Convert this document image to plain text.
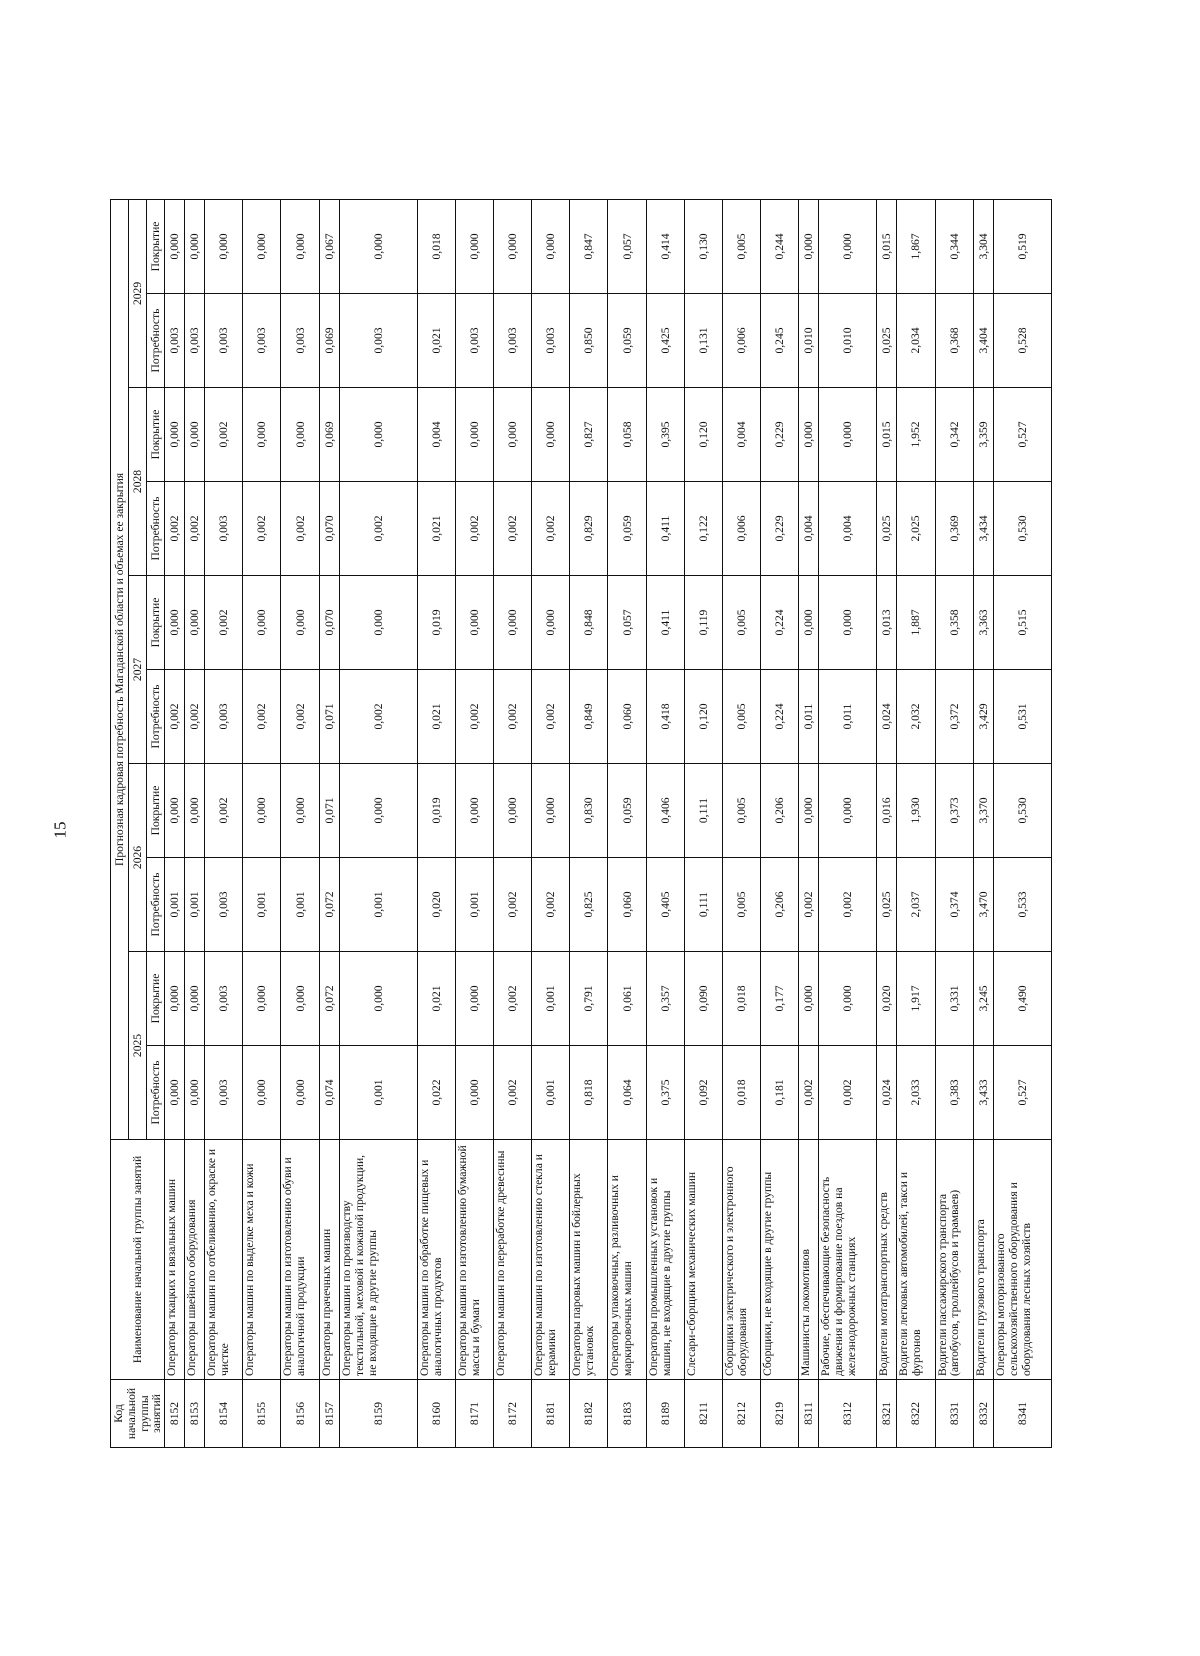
15
Код начальной группы занятий	Наименование начальной группы занятий	Прогнозная кадровая потребность Магаданской области и объемах ее закрытия									
		2025		2026		2027		2028		2029	
		Потребность	Покрытие	Потребность	Покрытие	Потребность	Покрытие	Потребность	Покрытие	Потребность	Покрытие
8152	Операторы ткацких и вязальных машин	0,000	0,000	0,001	0,000	0,002	0,000	0,002	0,000	0,003	0,000
8153	Операторы швейного оборудования	0,000	0,000	0,001	0,000	0,002	0,000	0,002	0,000	0,003	0,000
8154	Операторы машин по отбеливанию, окраске и чистке	0,003	0,003	0,003	0,002	0,003	0,002	0,003	0,002	0,003	0,000
8155	Операторы машин по выделке меха и кожи	0,000	0,000	0,001	0,000	0,002	0,000	0,002	0,000	0,003	0,000
8156	Операторы машин по изготовлению обуви и аналогичной продукции	0,000	0,000	0,001	0,000	0,002	0,000	0,002	0,000	0,003	0,000
8157	Операторы прачечных машин	0,074	0,072	0,072	0,071	0,071	0,070	0,070	0,069	0,069	0,067
8159	Операторы машин по производству текстильной, меховой и кожаной продукции, не входящие в другие группы	0,001	0,000	0,001	0,000	0,002	0,000	0,002	0,000	0,003	0,000
8160	Операторы машин по обработке пищевых и аналогичных продуктов	0,022	0,021	0,020	0,019	0,021	0,019	0,021	0,004	0,021	0,018
8171	Операторы машин по изготовлению бумажной массы и бумаги	0,000	0,000	0,001	0,000	0,002	0,000	0,002	0,000	0,003	0,000
8172	Операторы машин по переработке древесины	0,002	0,002	0,002	0,000	0,002	0,000	0,002	0,000	0,003	0,000
8181	Операторы машин по изготовлению стекла и керамики	0,001	0,001	0,002	0,000	0,002	0,000	0,002	0,000	0,003	0,000
8182	Операторы паровых машин и бойлерных установок	0,818	0,791	0,825	0,830	0,849	0,848	0,829	0,827	0,850	0,847
8183	Операторы упаковочных, разливочных и маркировочных машин	0,064	0,061	0,060	0,059	0,060	0,057	0,059	0,058	0,059	0,057
8189	Операторы промышленных установок и машин, не входящие в другие группы	0,375	0,357	0,405	0,406	0,418	0,411	0,411	0,395	0,425	0,414
8211	Слесари-сборщики механических машин	0,092	0,090	0,111	0,111	0,120	0,119	0,122	0,120	0,131	0,130
8212	Сборщики электрического и электронного оборудования	0,018	0,018	0,005	0,005	0,005	0,005	0,006	0,004	0,006	0,005
8219	Сборщики, не входящие в другие группы	0,181	0,177	0,206	0,206	0,224	0,224	0,229	0,229	0,245	0,244
8311	Машинисты локомотивов	0,002	0,000	0,002	0,000	0,011	0,000	0,004	0,000	0,010	0,000
8312	Рабочие, обеспечивающие безопасность движения и формирование поездов на железнодорожных станциях	0,002	0,000	0,002	0,000	0,011	0,000	0,004	0,000	0,010	0,000
8321	Водители мотатранспортных средств	0,024	0,020	0,025	0,016	0,024	0,013	0,025	0,015	0,025	0,015
8322	Водители легковых автомобилей, такси и фургонов	2,033	1,917	2,037	1,930	2,032	1,887	2,025	1,952	2,034	1,867
8331	Водители пассажирского транспорта (автобусов, троллейбусов и трамваев)	0,383	0,331	0,374	0,373	0,372	0,358	0,369	0,342	0,368	0,344
8332	Водители грузового транспорта	3,433	3,245	3,470	3,370	3,429	3,363	3,434	3,359	3,404	3,304
8341	Операторы моторизованного сельскохозяйственного оборудования и оборудования лесных хозяйств	0,527	0,490	0,533	0,530	0,531	0,515	0,530	0,527	0,528	0,519
